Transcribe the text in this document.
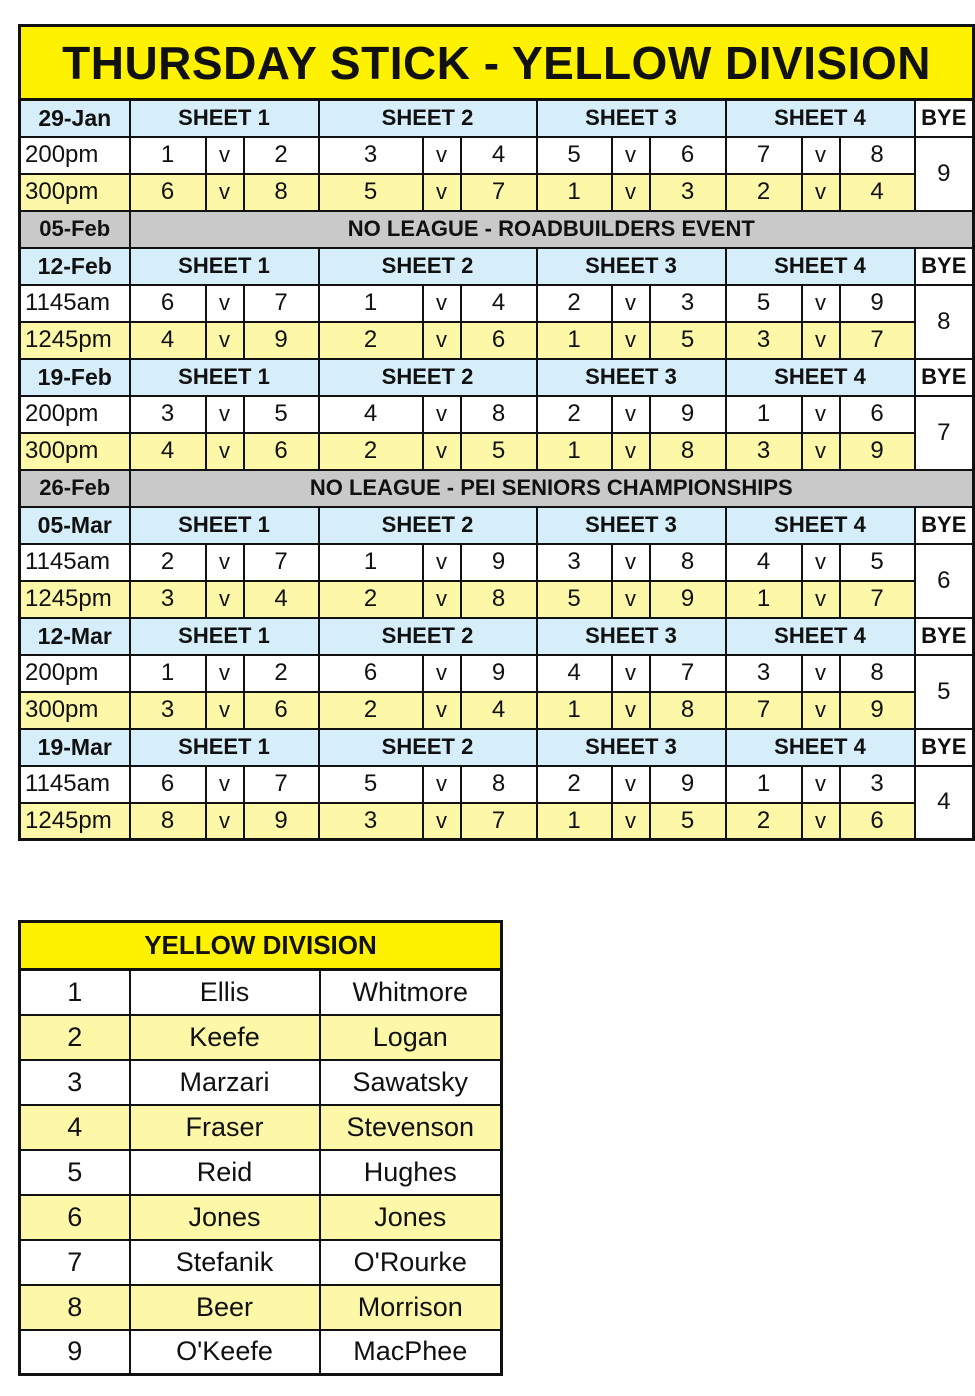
THURSDAY STICK - YELLOW DIVISION													
29-Jan	SHEET 1			SHEET 2			SHEET 3			SHEET 4			BYE
200pm	1	v	2	3	v	4	5	v	6	7	v	8	9
300pm	6	v	8	5	v	7	1	v	3	2	v	4	
05-Feb	NO LEAGUE - ROADBUILDERS EVENT												
12-Feb	SHEET 1			SHEET 2			SHEET 3			SHEET 4			BYE
1145am	6	v	7	1	v	4	2	v	3	5	v	9	8
1245pm	4	v	9	2	v	6	1	v	5	3	v	7	
19-Feb	SHEET 1			SHEET 2			SHEET 3			SHEET 4			BYE
200pm	3	v	5	4	v	8	2	v	9	1	v	6	7
300pm	4	v	6	2	v	5	1	v	8	3	v	9	
26-Feb	NO LEAGUE - PEI SENIORS CHAMPIONSHIPS												
05-Mar	SHEET 1			SHEET 2			SHEET 3			SHEET 4			BYE
1145am	2	v	7	1	v	9	3	v	8	4	v	5	6
1245pm	3	v	4	2	v	8	5	v	9	1	v	7	
12-Mar	SHEET 1			SHEET 2			SHEET 3			SHEET 4			BYE
200pm	1	v	2	6	v	9	4	v	7	3	v	8	5
300pm	3	v	6	2	v	4	1	v	8	7	v	9	
19-Mar	SHEET 1			SHEET 2			SHEET 3			SHEET 4			BYE
1145am	6	v	7	5	v	8	2	v	9	1	v	3	4
1245pm	8	v	9	3	v	7	1	v	5	2	v	6	
YELLOW DIVISION		
1	Ellis	Whitmore
2	Keefe	Logan
3	Marzari	Sawatsky
4	Fraser	Stevenson
5	Reid	Hughes
6	Jones	Jones
7	Stefanik	O'Rourke
8	Beer	Morrison
9	O'Keefe	MacPhee
